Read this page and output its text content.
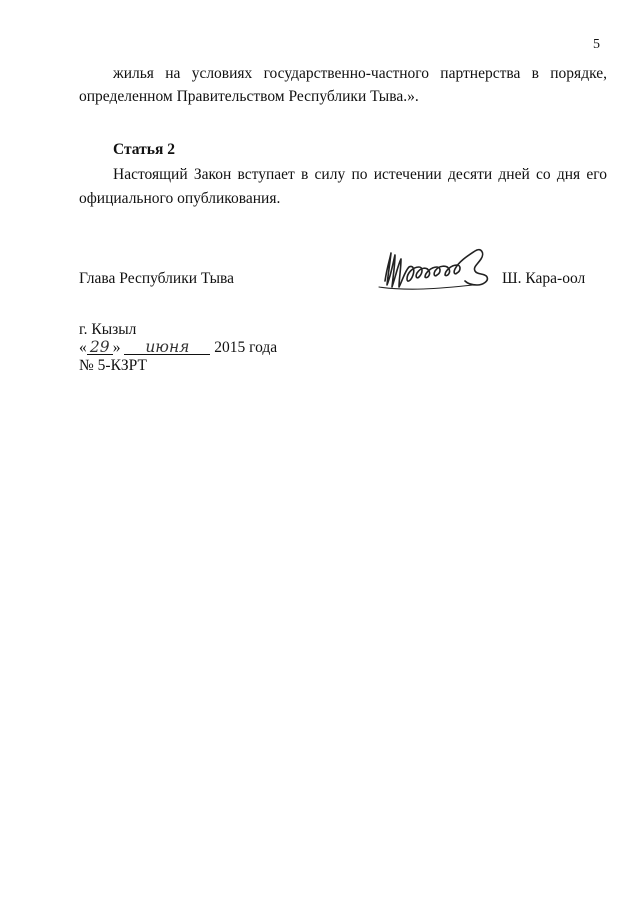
5
жилья на условиях государственно-частного партнерства в порядке,
определенном Правительством Республики Тыва.».
Статья 2
Настоящий Закон вступает в силу по истечении десяти дней со дня его
официального опубликования.
Глава Республики Тыва	Ш. Кара-оол
г. Кызыл
« 29 » июня 2015 года
№ 5-КЗРТ
